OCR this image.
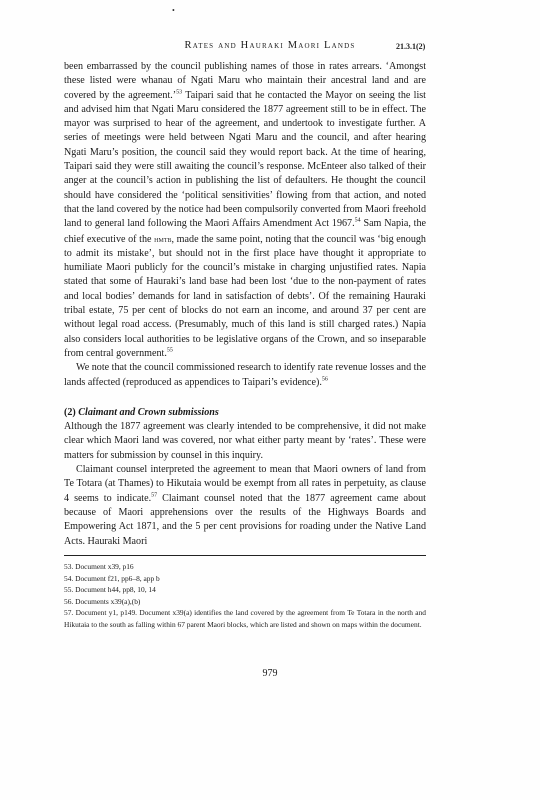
•
Rates and Hauraki Maori Lands	21.3.1(2)

been embarrassed by the council publishing names of those in rates arrears. ‘Amongst these listed were whanau of Ngati Maru who maintain their ancestral land and are covered by the agreement.’$^{53}$ Taipari said that he contacted the Mayor on seeing the list and advised him that Ngati Maru considered the 1877 agreement still to be in effect. The mayor was surprised to hear of the agreement, and undertook to investigate further. A series of meetings were held between Ngati Maru and the council, and after hearing Ngati Maru’s position, the council said they would report back. At the time of hearing, Taipari said they were still awaiting the council’s response. McEnteer also talked of their anger at the council’s action in publishing the list of defaulters. He thought the council should have considered the ‘political sensitivities’ flowing from that action, and noted that the land covered by the notice had been compulsorily converted from Maori freehold land to general land following the Maori Affairs Amendment Act 1967.54 Sam Napia, the chief executive of the hmtb, made the same point, noting that the council was ‘big enough to admit its mistake’, but should not in the first place have thought it appropriate to humiliate Maori publicly for the council’s mistake in charging unjustified rates. Napia stated that some of Hauraki’s land base had been lost ‘due to the non-payment of rates and local bodies’ demands for land in satisfaction of debts’. Of the remaining Hauraki tribal estate, 75 per cent of blocks do not earn an income, and around 37 per cent are without legal road access. (Presumably, much of this land is still charged rates.) Napia also considers local authorities to be legislative organs of the Crown, and so inseparable from central government.$^{55}$

We note that the council commissioned research to identify rate revenue losses and the lands affected (reproduced as appendices to Taipari’s evidence).$^{56}$

(2) Claimant and Crown submissions

Although the 1877 agreement was clearly intended to be comprehensive, it did not make clear which Maori land was covered, nor what either party meant by ‘rates’. These were matters for submission by counsel in this inquiry.

Claimant counsel interpreted the agreement to mean that Maori owners of land from Te Totara (at Thames) to Hikutaia would be exempt from all rates in perpetuity, as clause 4 seems to indicate.$^{57}$ Claimant counsel noted that the 1877 agreement came about because of Maori apprehensions over the results of the Highways Boards and Empowering Act 1871, and the 5 per cent provisions for roading under the Native Land Acts. Hauraki Maori

53. Document x39, p16

54. Document f21, pp6–8, app b

55. Document h44, pp8, 10, 14

56. Documents x39(a),(b)

57. Document y1, p149. Document x39(a) identifies the land covered by the agreement from Te Totara in the north and Hikutaia to the south as falling within 67 parent Maori blocks, which are listed and shown on maps within the document.

979
